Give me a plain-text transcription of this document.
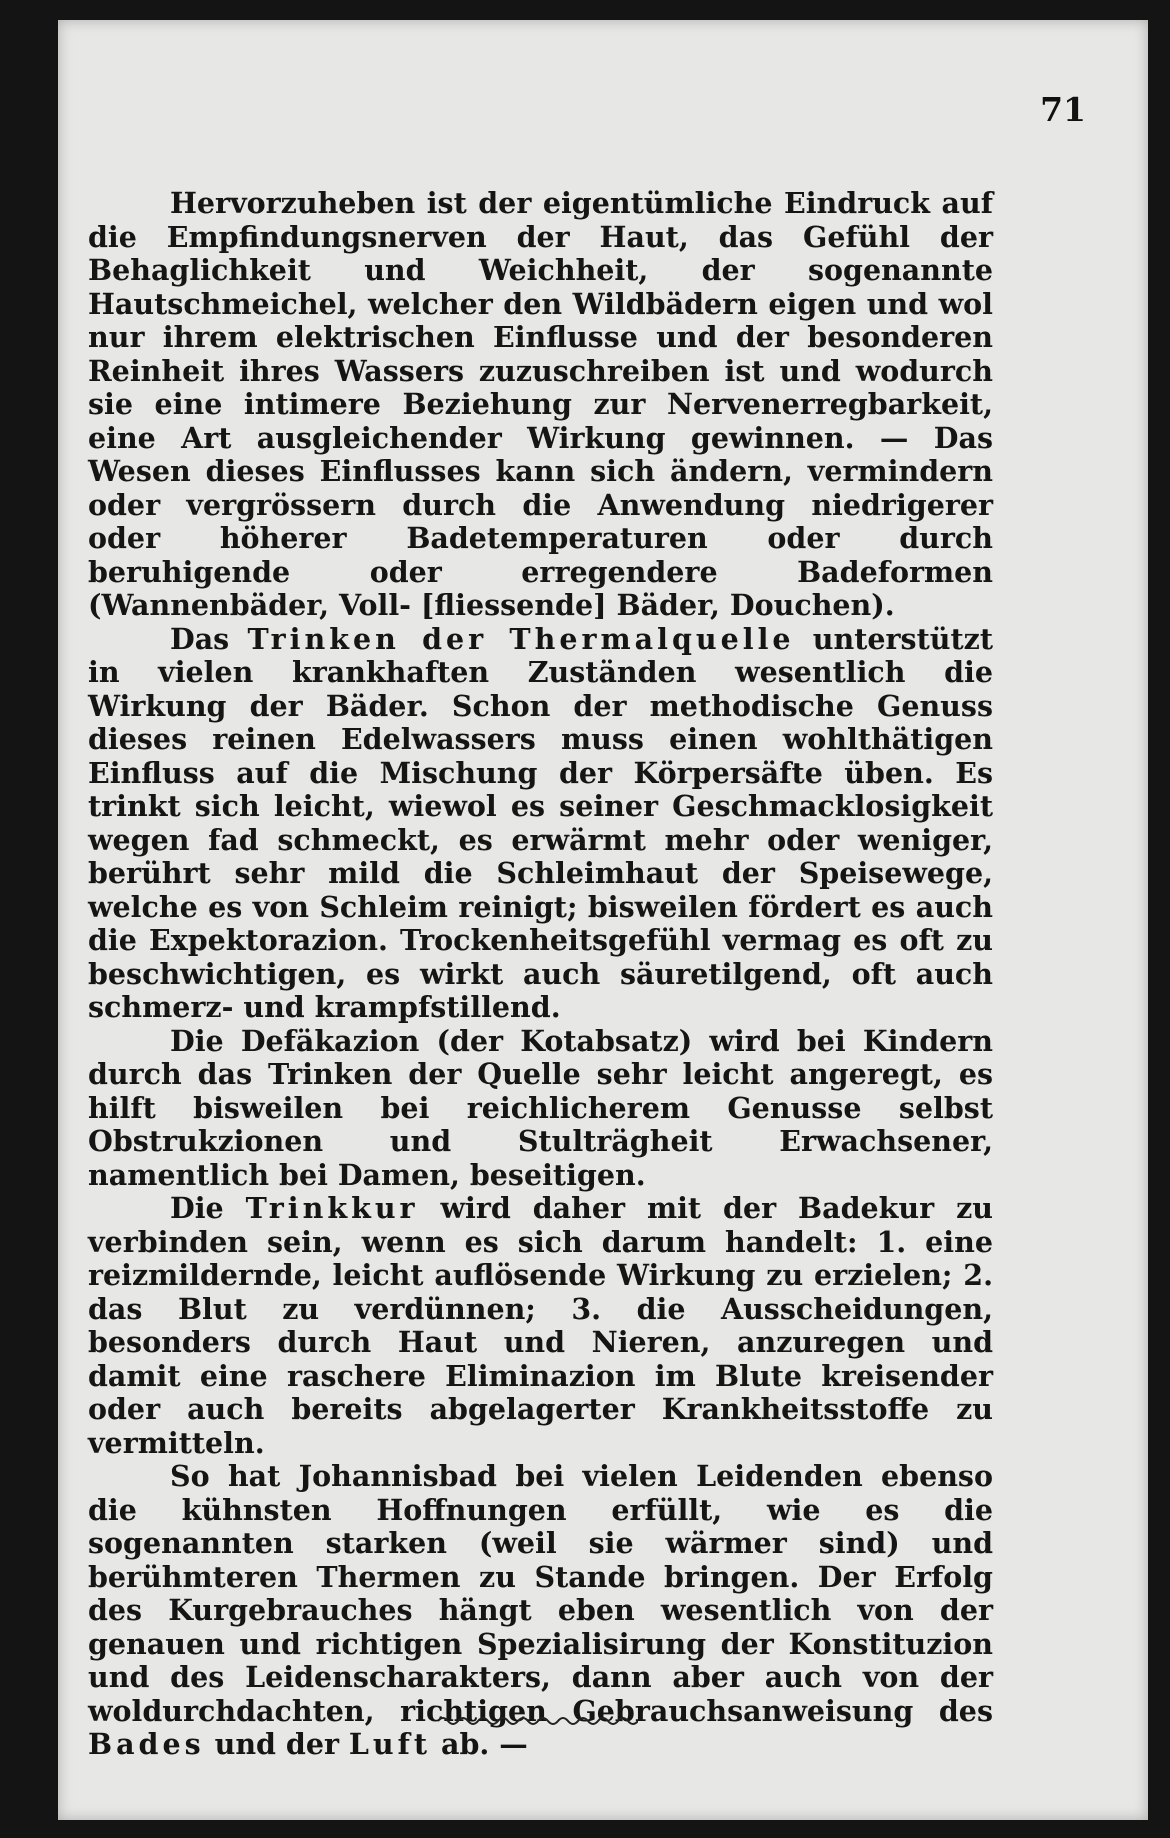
71

Hervorzuheben ist der eigentümliche Eindruck auf die Empfindungsnerven der Haut, das Gefühl der Behaglichkeit und Weichheit, der sogenannte Hautschmeichel, welcher den Wildbädern eigen und wol nur ihrem elektrischen Einflusse und der besonderen Reinheit ihres Wassers zuzuschreiben ist und wodurch sie eine intimere Beziehung zur Nervenerregbarkeit, eine Art ausgleichender Wirkung gewinnen. — Das Wesen dieses Einflusses kann sich ändern, vermindern oder vergrössern durch die Anwendung niedrigerer oder höherer Badetemperaturen oder durch beruhigende oder erregendere Badeformen (Wannenbäder, Voll- [fliessende] Bäder, Douchen).

Das Trinken der Thermalquelle unterstützt in vielen krankhaften Zuständen wesentlich die Wirkung der Bäder. Schon der methodische Genuss dieses reinen Edelwassers muss einen wohlthätigen Einfluss auf die Mischung der Körpersäfte üben. Es trinkt sich leicht, wiewol es seiner Geschmacklosigkeit wegen fad schmeckt, es erwärmt mehr oder weniger, berührt sehr mild die Schleimhaut der Speisewege, welche es von Schleim reinigt; bisweilen fördert es auch die Expektorazion. Trockenheitsgefühl vermag es oft zu beschwichtigen, es wirkt auch säuretilgend, oft auch schmerz- und krampfstillend.

Die Defäkazion (der Kotabsatz) wird bei Kindern durch das Trinken der Quelle sehr leicht angeregt, es hilft bisweilen bei reichlicherem Genusse selbst Obstrukzionen und Stulträgheit Erwachsener, namentlich bei Damen, beseitigen.

Die Trinkkur wird daher mit der Badekur zu verbinden sein, wenn es sich darum handelt: 1. eine reizmildernde, leicht auflösende Wirkung zu erzielen; 2. das Blut zu verdünnen; 3. die Ausscheidungen, besonders durch Haut und Nieren, anzuregen und damit eine raschere Eliminazion im Blute kreisender oder auch bereits abgelagerter Krankheitsstoffe zu vermitteln.

So hat Johannisbad bei vielen Leidenden ebenso die kühnsten Hoffnungen erfüllt, wie es die sogenannten starken (weil sie wärmer sind) und berühmteren Thermen zu Stande bringen. Der Erfolg des Kurgebrauches hängt eben wesentlich von der genauen und richtigen Spezialisirung der Konstituzion und des Leidenscharakters, dann aber auch von der woldurchdachten, richtigen Gebrauchsanweisung des Bades und der Luft ab. —
